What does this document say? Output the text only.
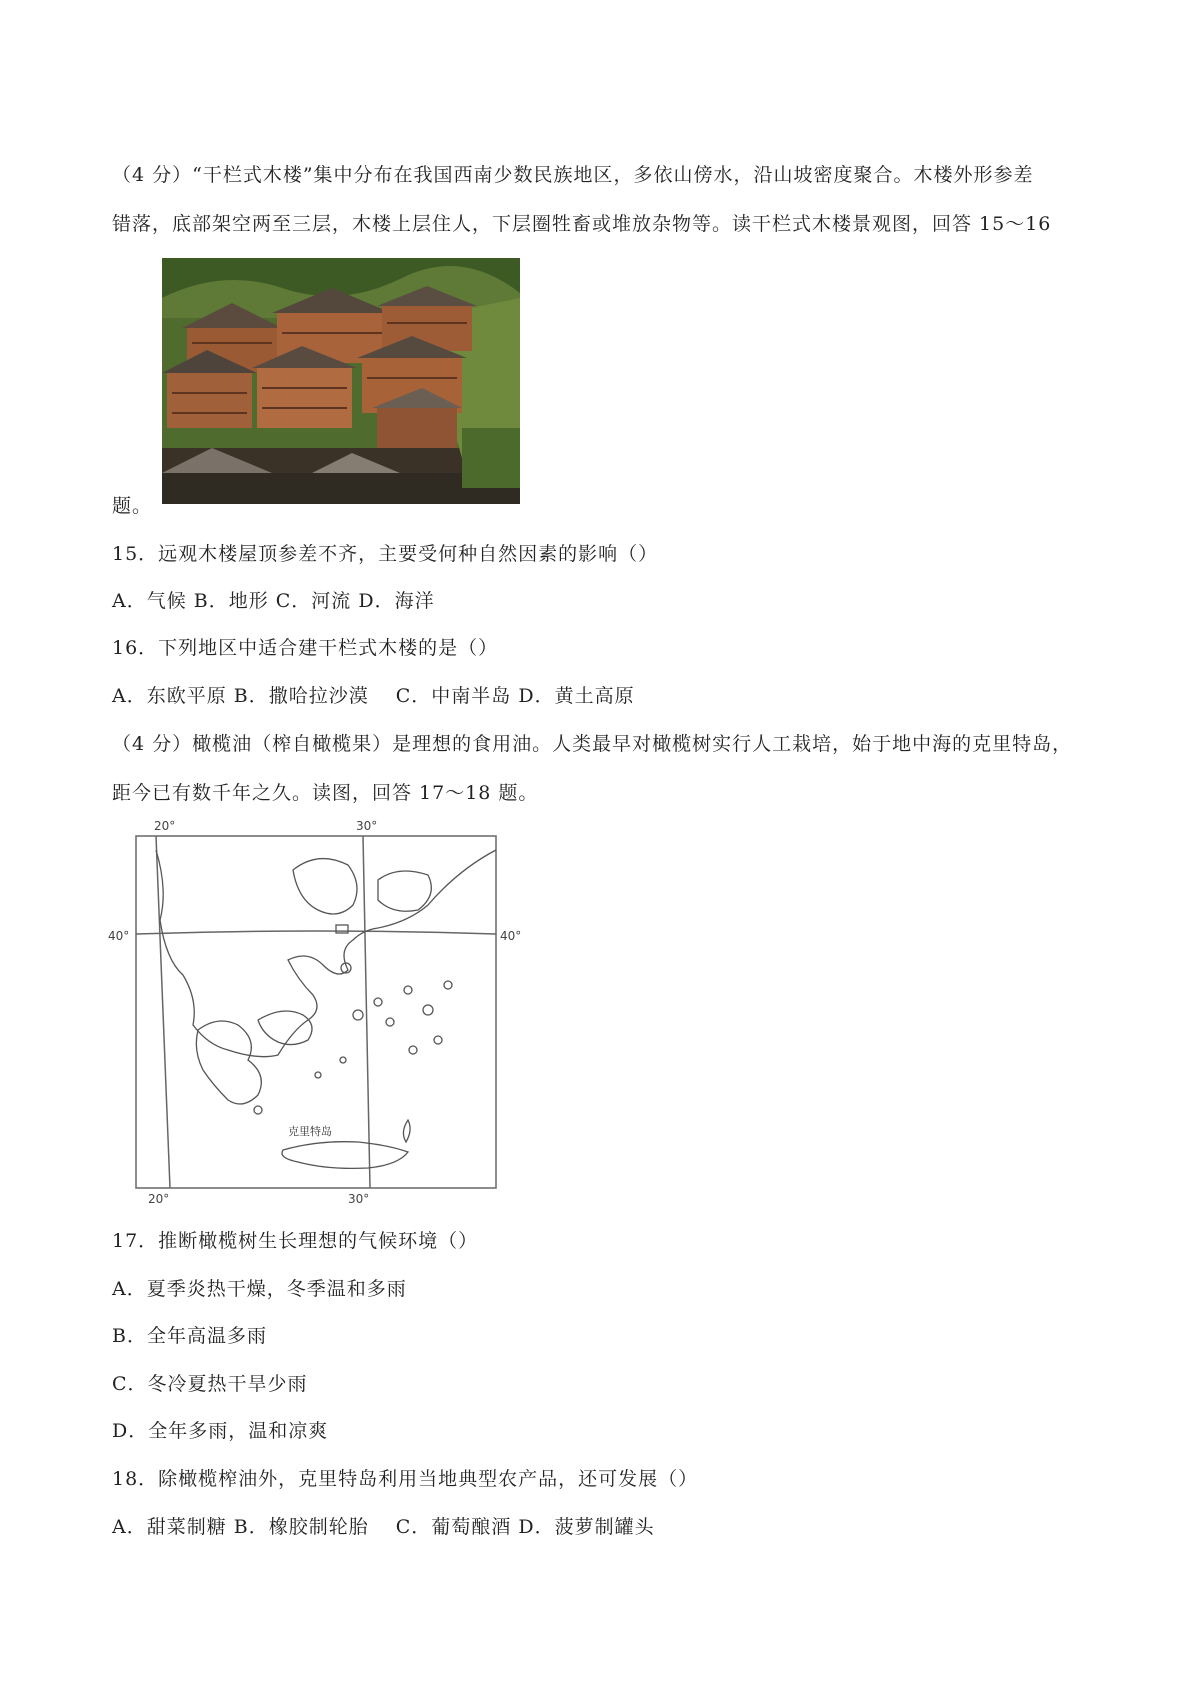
（4 分）“干栏式木楼”集中分布在我国西南少数民族地区，多依山傍水，沿山坡密度聚合。木楼外形参差
错落，底部架空两至三层，木楼上层住人，下层圈牲畜或堆放杂物等。读干栏式木楼景观图，回答 15～16
题。
15．远观木楼屋顶参差不齐，主要受何种自然因素的影响（）
A．气候 B．地形 C．河流 D．海洋
16．下列地区中适合建干栏式木楼的是（）
A．东欧平原 B．撒哈拉沙漠　 C．中南半岛 D．黄土高原
（4 分）橄榄油（榨自橄榄果）是理想的食用油。人类最早对橄榄树实行人工栽培，始于地中海的克里特岛，
距今已有数千年之久。读图，回答 17～18 题。
20°	30°
20°	30°
40°	40°
克里特岛
17．推断橄榄树生长理想的气候环境（）
A．夏季炎热干燥，冬季温和多雨
B．全年高温多雨
C．冬冷夏热干旱少雨
D．全年多雨，温和凉爽
18．除橄榄榨油外，克里特岛利用当地典型农产品，还可发展（）
A．甜菜制糖 B．橡胶制轮胎　 C．葡萄酿酒 D．菠萝制罐头
